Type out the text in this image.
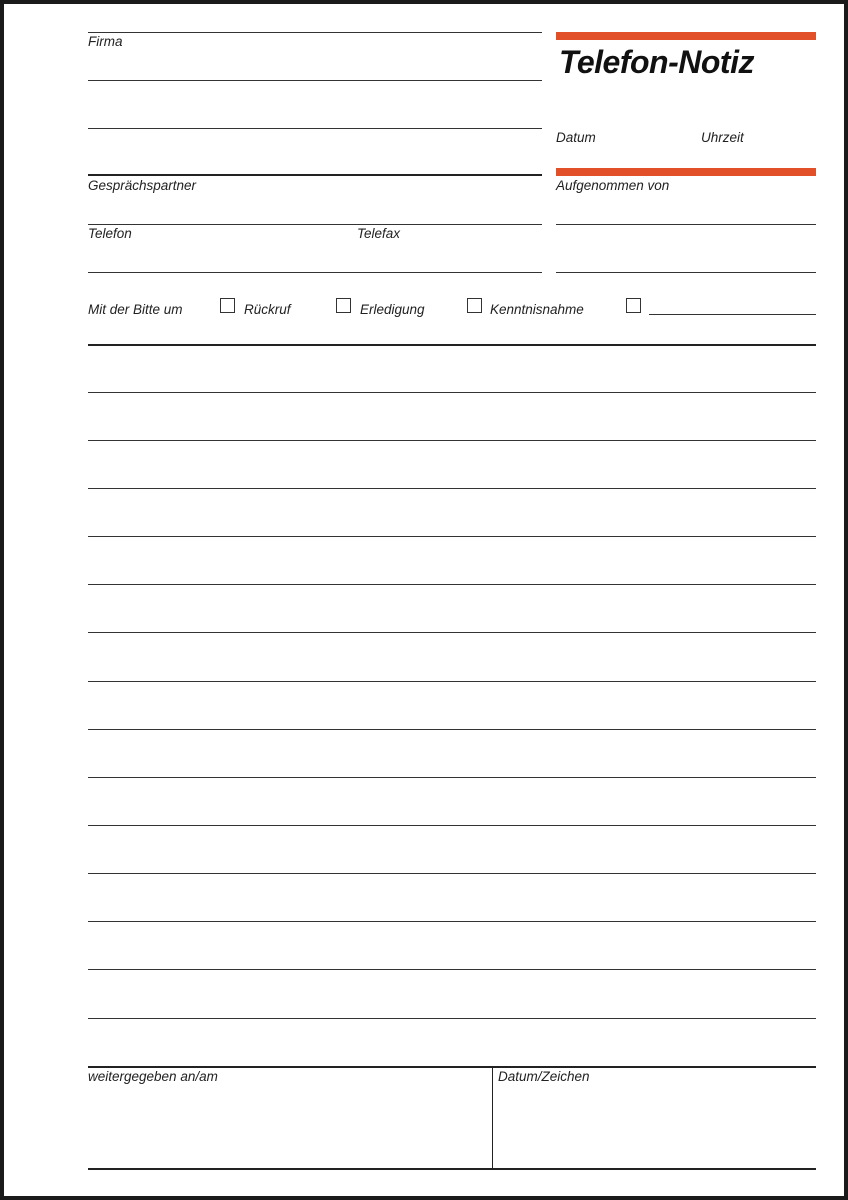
Firma
Telefon-Notiz
Datum	Uhrzeit
Gesprächspartner	Aufgenommen von
Telefon	Telefax
Mit der Bitte um	Rückruf	Erledigung	Kenntnisnahme
weitergegeben an/am	Datum/Zeichen
